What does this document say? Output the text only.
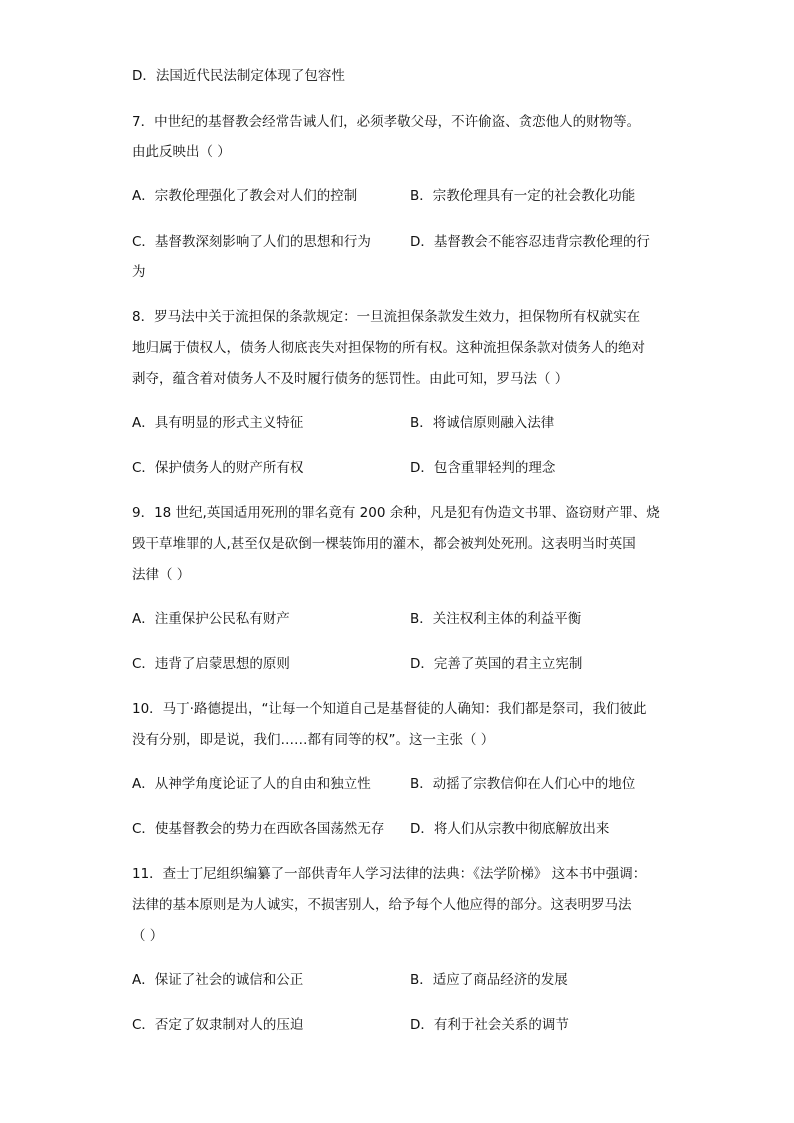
D．法国近代民法制定体现了包容性
7．中世纪的基督教会经常告诫人们，必须孝敬父母，不许偷盗、贪恋他人的财物等。
由此反映出（ ）
A．宗教伦理强化了教会对人们的控制	B．宗教伦理具有一定的社会教化功能
C．基督教深刻影响了人们的思想和行为	D．基督教会不能容忍违背宗教伦理的行
为
8．罗马法中关于流担保的条款规定：一旦流担保条款发生效力，担保物所有权就实在
地归属于债权人，债务人彻底丧失对担保物的所有权。这种流担保条款对债务人的绝对
剥夺，蕴含着对债务人不及时履行债务的惩罚性。由此可知，罗马法（ ）
A．具有明显的形式主义特征	B．将诚信原则融入法律
C．保护债务人的财产所有权	D．包含重罪轻判的理念
9．18 世纪,英国适用死刑的罪名竟有 200 余种，凡是犯有伪造文书罪、盗窃财产罪、烧
毁干草堆罪的人,甚至仅是砍倒一棵装饰用的灌木，都会被判处死刑。这表明当时英国
法律（ ）
A．注重保护公民私有财产	B．关注权利主体的利益平衡
C．违背了启蒙思想的原则	D．完善了英国的君主立宪制
10．马丁·路德提出，“让每一个知道自己是基督徒的人确知：我们都是祭司，我们彼此
没有分别，即是说，我们……都有同等的权”。这一主张（ ）
A．从神学角度论证了人的自由和独立性	B．动摇了宗教信仰在人们心中的地位
C．使基督教会的势力在西欧各国荡然无存 D．将人们从宗教中彻底解放出来
11．查士丁尼组织编纂了一部供青年人学习法律的法典：《法学阶梯》 这本书中强调：
法律的基本原则是为人诚实，不损害别人，给予每个人他应得的部分。这表明罗马法
（ ）
A．保证了社会的诚信和公正	B．适应了商品经济的发展
C．否定了奴隶制对人的压迫	D．有利于社会关系的调节
